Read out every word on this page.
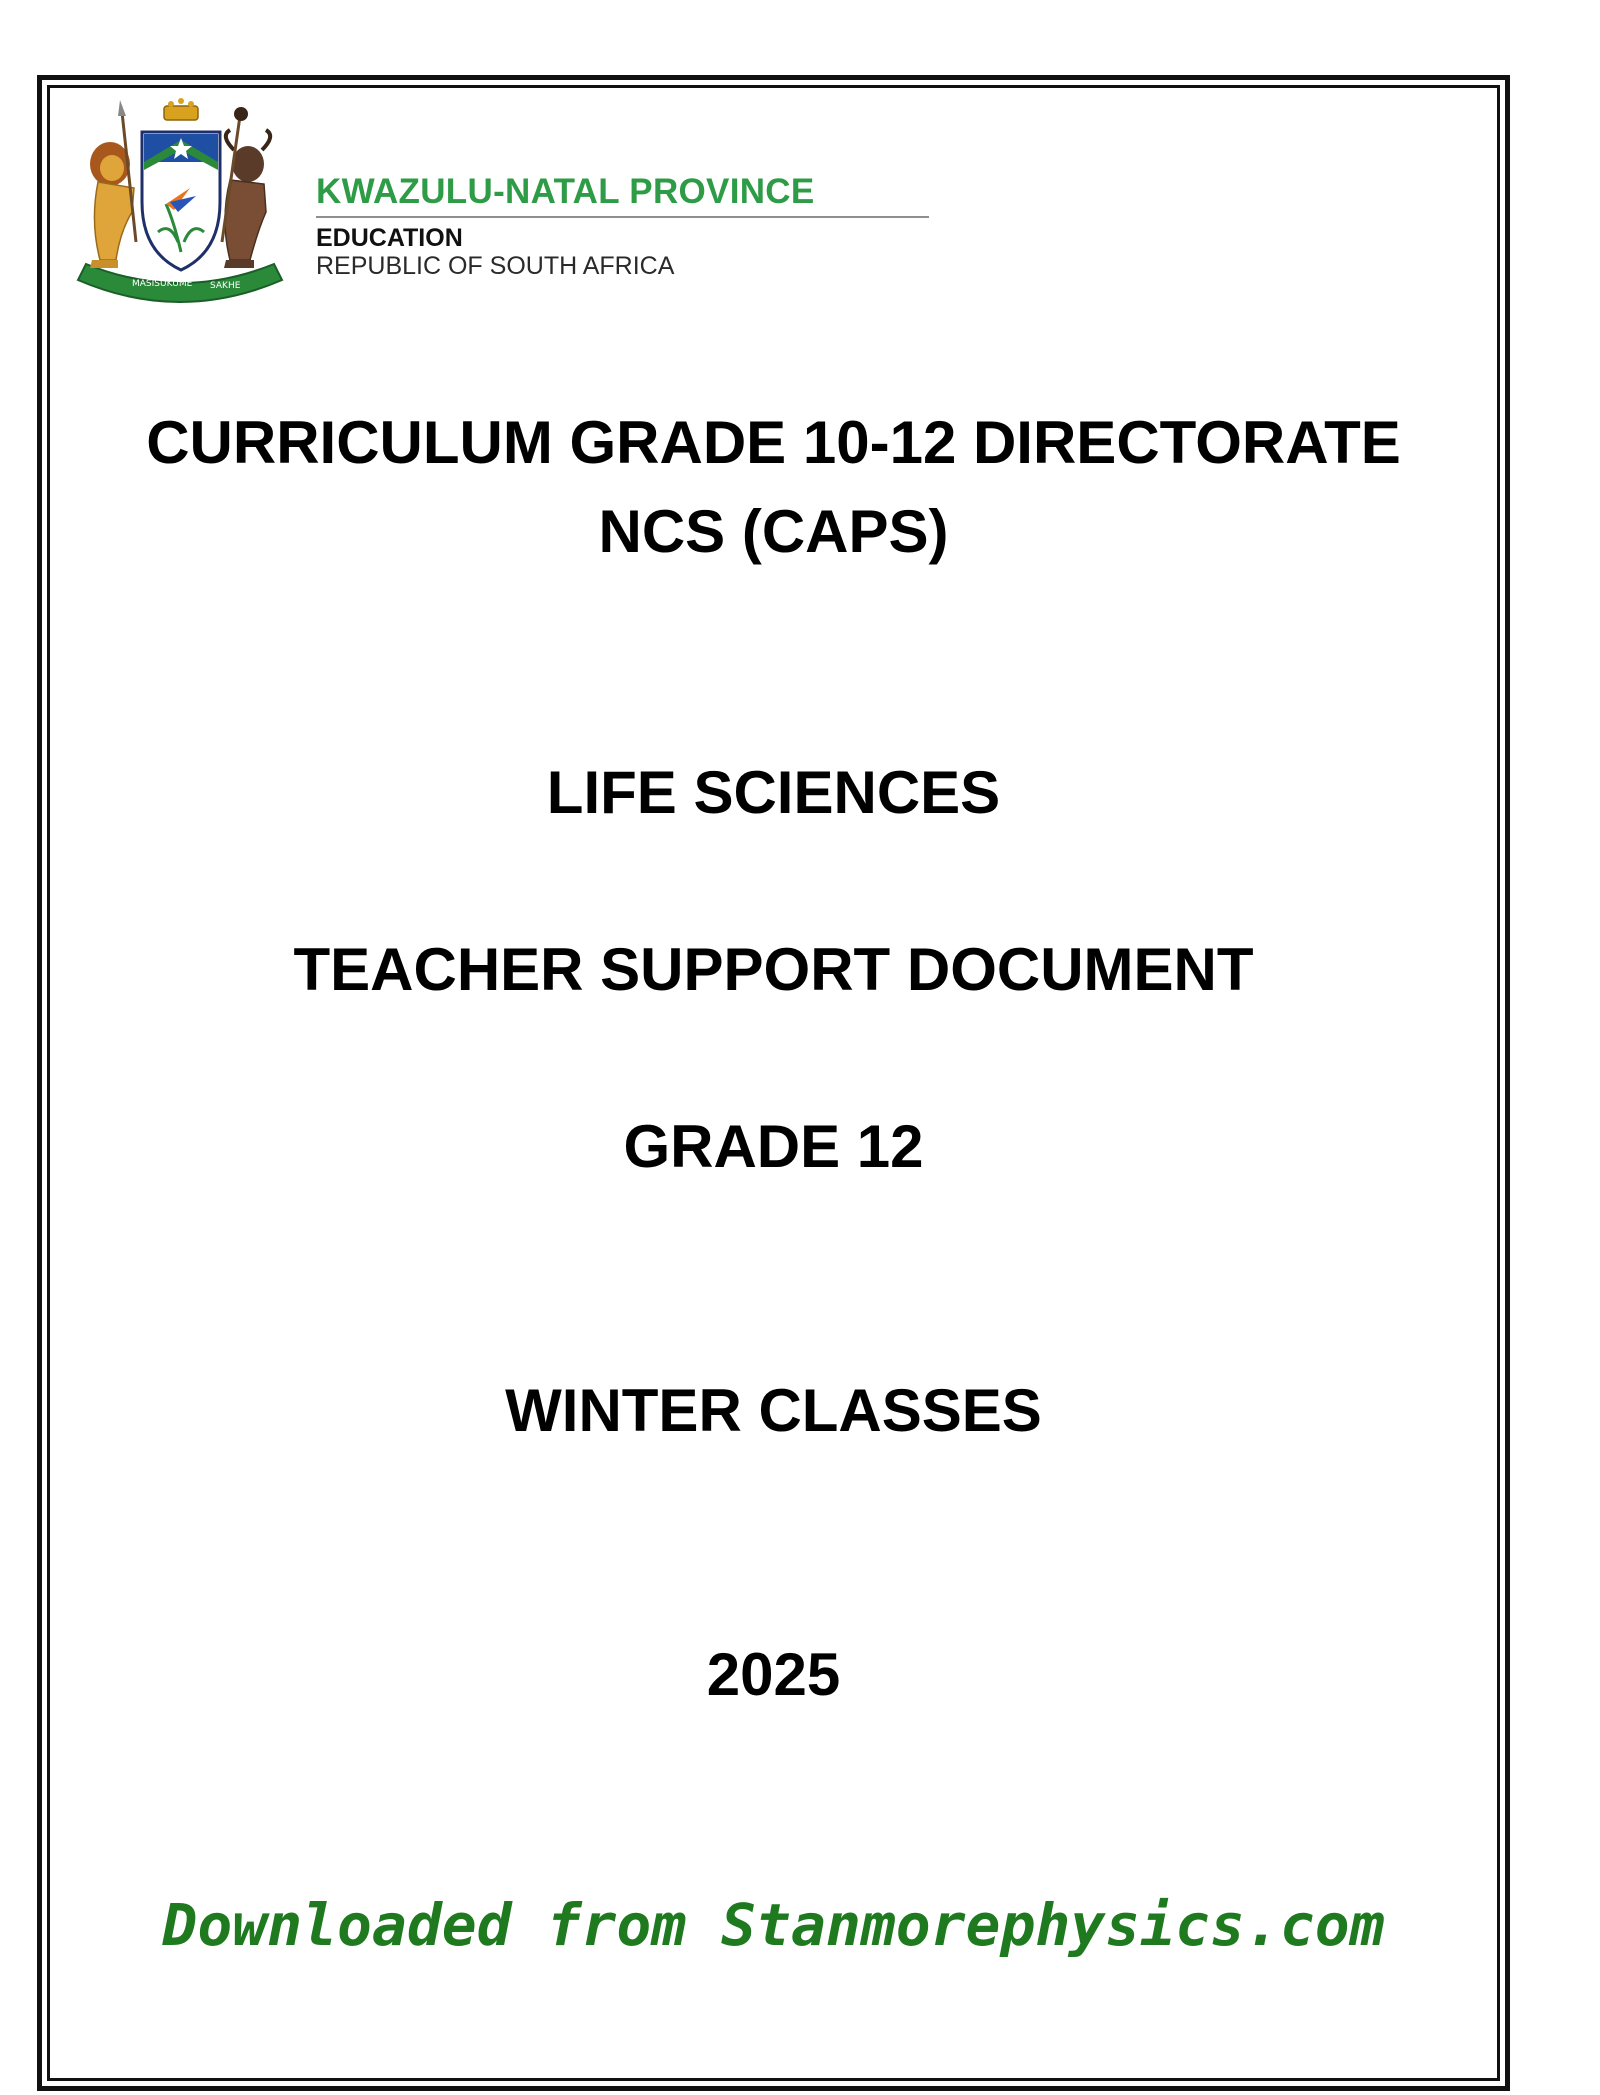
MASISUKUME SAKHE
KWAZULU-NATAL PROVINCE
EDUCATION
REPUBLIC OF SOUTH AFRICA
CURRICULUM GRADE 10-12 DIRECTORATE
NCS (CAPS)
LIFE SCIENCES
TEACHER SUPPORT DOCUMENT
GRADE 12
WINTER CLASSES
2025
Downloaded from Stanmorephysics.com
